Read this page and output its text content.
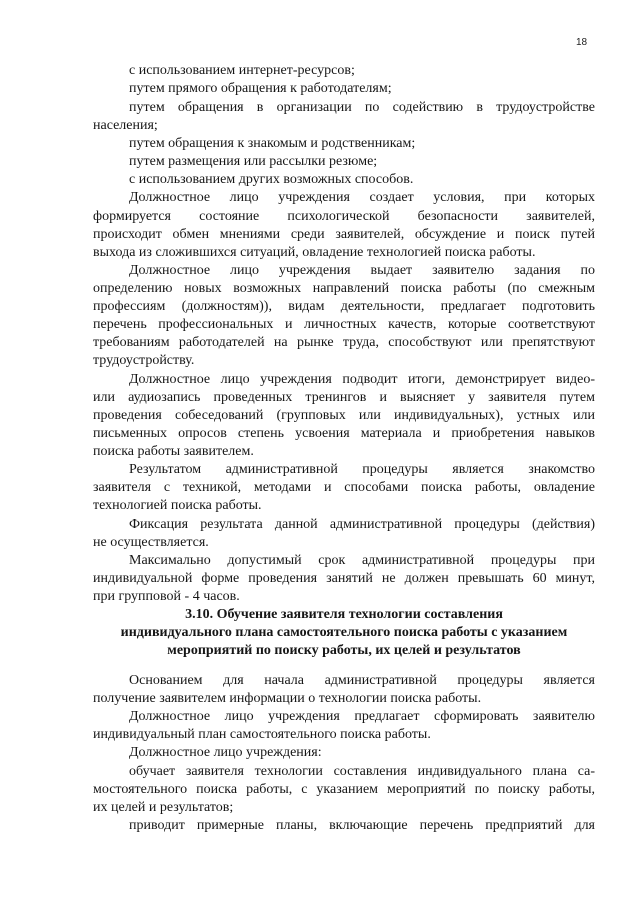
18
с использованием интернет-ресурсов;
путем прямого обращения к работодателям;
путем обращения в организации по содействию в трудоустройстве
населения;
путем обращения к знакомым и родственникам;
путем размещения или рассылки резюме;
с использованием других возможных способов.
Должностное лицо учреждения создает условия, при которых
формируется состояние психологической безопасности заявителей,
происходит обмен мнениями среди заявителей, обсуждение и поиск путей
выхода из сложившихся ситуаций, овладение технологией поиска работы.
Должностное лицо учреждения выдает заявителю задания по
определению новых возможных направлений поиска работы (по смежным
профессиям (должностям)), видам деятельности, предлагает подготовить
перечень профессиональных и личностных качеств, которые соответствуют
требованиям работодателей на рынке труда, способствуют или препятствуют
трудоустройству.
Должностное лицо учреждения подводит итоги, демонстрирует видео-
или аудиозапись проведенных тренингов и выясняет у заявителя путем
проведения собеседований (групповых или индивидуальных), устных или
письменных опросов степень усвоения материала и приобретения навыков
поиска работы заявителем.
Результатом административной процедуры является знакомство
заявителя с техникой, методами и способами поиска работы, овладение
технологией поиска работы.
Фиксация результата данной административной процедуры (действия)
не осуществляется.
Максимально допустимый срок административной процедуры при
индивидуальной форме проведения занятий не должен превышать 60 минут,
при групповой - 4 часов.
3.10. Обучение заявителя технологии составления
индивидуального плана самостоятельного поиска работы с указанием
мероприятий по поиску работы, их целей и результатов
Основанием для начала административной процедуры является
получение заявителем информации о технологии поиска работы.
Должностное лицо учреждения предлагает сформировать заявителю
индивидуальный план самостоятельного поиска работы.
Должностное лицо учреждения:
обучает заявителя технологии составления индивидуального плана са-
мостоятельного поиска работы, с указанием мероприятий по поиску работы,
их целей и результатов;
приводит примерные планы, включающие перечень предприятий для
